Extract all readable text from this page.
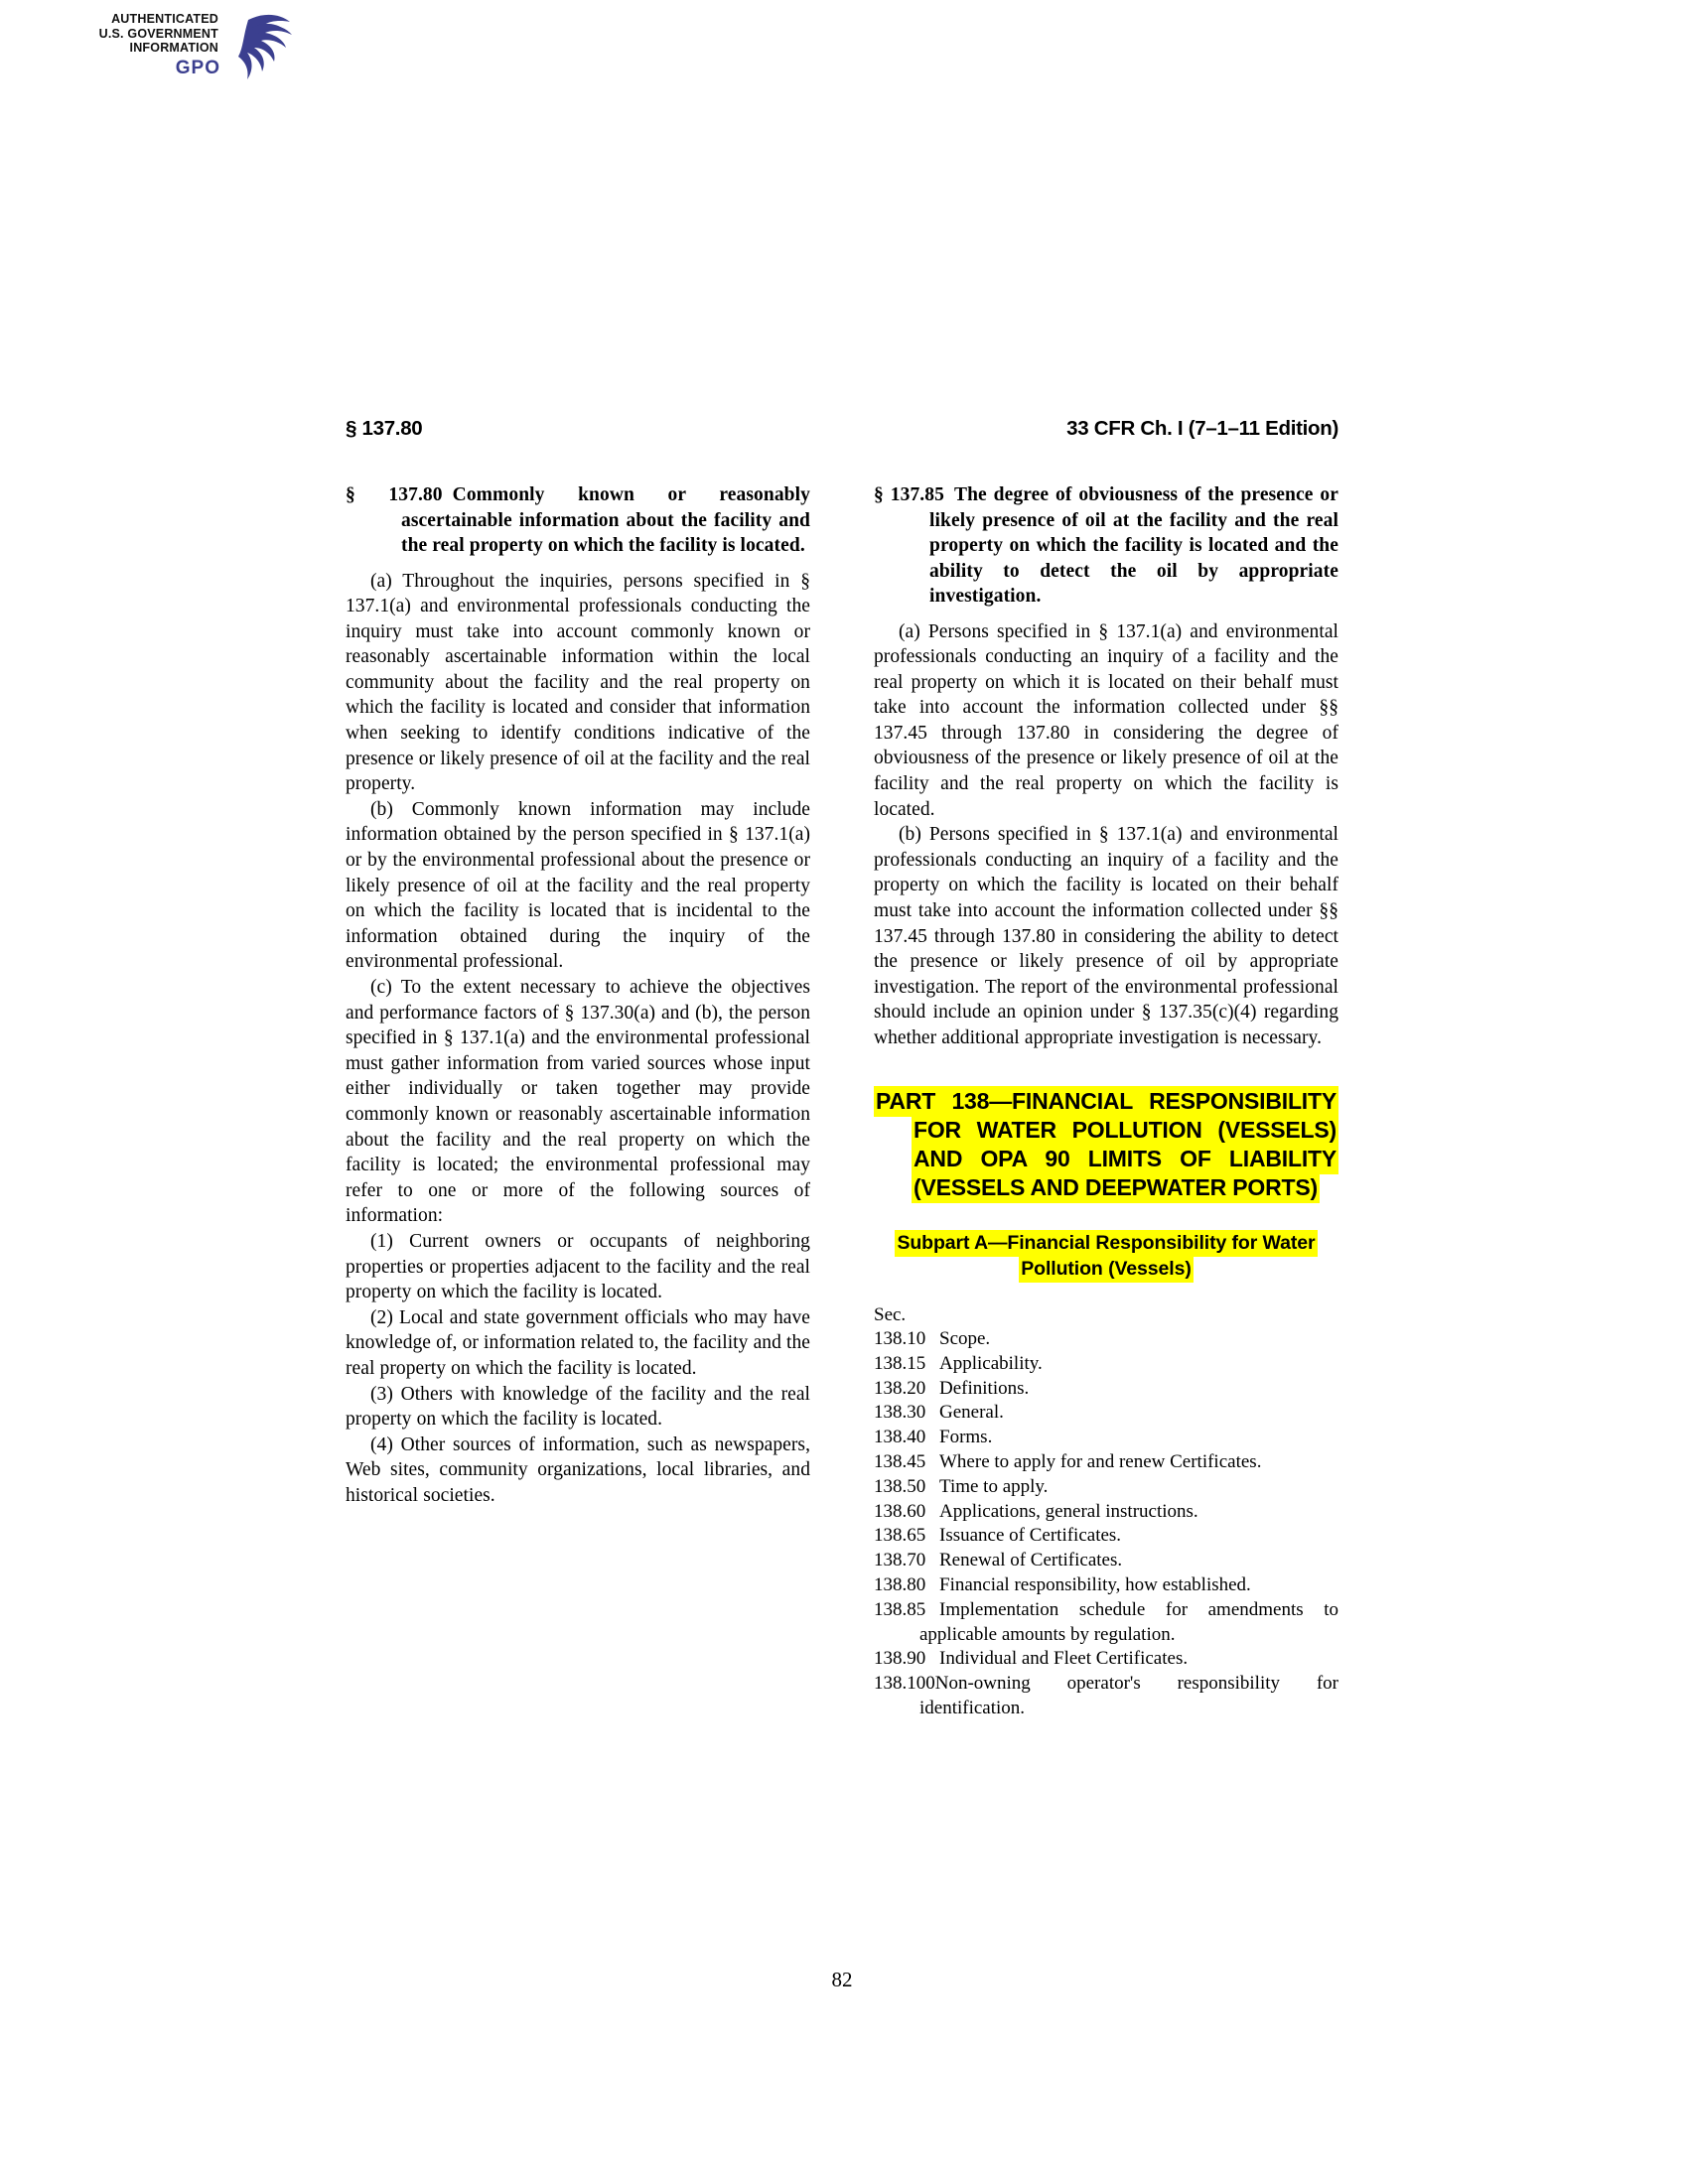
AUTHENTICATED
U.S. GOVERNMENT
INFORMATION
GPO
§ 137.80	33 CFR Ch. I (7–1–11 Edition)
§ 137.80 Commonly known or reasonably ascertainable information about the facility and the real property on which the facility is located.

(a) Throughout the inquiries, persons specified in § 137.1(a) and environmental professionals conducting the inquiry must take into account commonly known or reasonably ascertainable information within the local community about the facility and the real property on which the facility is located and consider that information when seeking to identify conditions indicative of the presence or likely presence of oil at the facility and the real property.

(b) Commonly known information may include information obtained by the person specified in § 137.1(a) or by the environmental professional about the presence or likely presence of oil at the facility and the real property on which the facility is located that is incidental to the information obtained during the inquiry of the environmental professional.

(c) To the extent necessary to achieve the objectives and performance factors of § 137.30(a) and (b), the person specified in § 137.1(a) and the environmental professional must gather information from varied sources whose input either individually or taken together may provide commonly known or reasonably ascertainable information about the facility and the real property on which the facility is located; the environmental professional may refer to one or more of the following sources of information:

(1) Current owners or occupants of neighboring properties or properties adjacent to the facility and the real property on which the facility is located.

(2) Local and state government officials who may have knowledge of, or information related to, the facility and the real property on which the facility is located.

(3) Others with knowledge of the facility and the real property on which the facility is located.

(4) Other sources of information, such as newspapers, Web sites, community organizations, local libraries, and historical societies.

§ 137.85 The degree of obviousness of the presence or likely presence of oil at the facility and the real property on which the facility is located and the ability to detect the oil by appropriate investigation.

(a) Persons specified in § 137.1(a) and environmental professionals conducting an inquiry of a facility and the real property on which it is located on their behalf must take into account the information collected under §§ 137.45 through 137.80 in considering the degree of obviousness of the presence or likely presence of oil at the facility and the real property on which the facility is located.

(b) Persons specified in § 137.1(a) and environmental professionals conducting an inquiry of a facility and the property on which the facility is located on their behalf must take into account the information collected under §§ 137.45 through 137.80 in considering the ability to detect the presence or likely presence of oil by appropriate investigation. The report of the environmental professional should include an opinion under § 137.35(c)(4) regarding whether additional appropriate investigation is necessary.

PART 138—FINANCIAL RESPONSIBILITY FOR WATER POLLUTION (VESSELS) AND OPA 90 LIMITS OF LIABILITY (VESSELS AND DEEPWATER PORTS)
Subpart A—Financial Responsibility for Water Pollution (Vessels)

Sec.

138.10 Scope.
138.15 Applicability.
138.20 Definitions.
138.30 General.
138.40 Forms.
138.45 Where to apply for and renew Certificates.
138.50 Time to apply.
138.60 Applications, general instructions.
138.65 Issuance of Certificates.
138.70 Renewal of Certificates.
138.80 Financial responsibility, how established.
138.85 Implementation schedule for amendments to applicable amounts by regulation.
138.90 Individual and Fleet Certificates.
138.100Non-owning operator's responsibility for identification.
82
